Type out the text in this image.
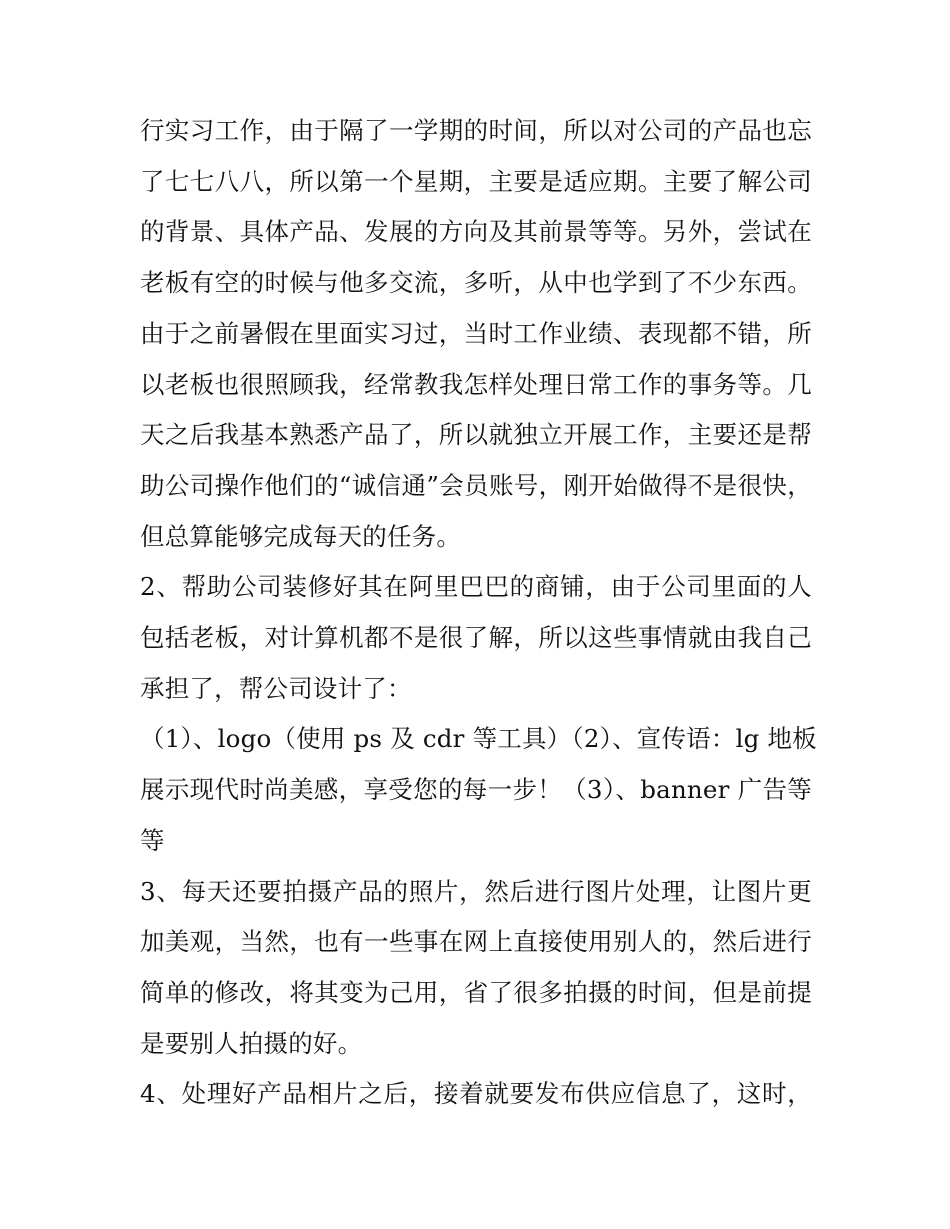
行实习工作，由于隔了一学期的时间，所以对公司的产品也忘
了七七八八，所以第一个星期，主要是适应期。主要了解公司
的背景、具体产品、发展的方向及其前景等等。另外，尝试在
老板有空的时候与他多交流，多听，从中也学到了不少东西。
由于之前暑假在里面实习过，当时工作业绩、表现都不错，所
以老板也很照顾我，经常教我怎样处理日常工作的事务等。几
天之后我基本熟悉产品了，所以就独立开展工作，主要还是帮
助公司操作他们的“诚信通”会员账号，刚开始做得不是很快，
但总算能够完成每天的任务。
2、帮助公司装修好其在阿里巴巴的商铺，由于公司里面的人
包括老板，对计算机都不是很了解，所以这些事情就由我自己
承担了，帮公司设计了：
（1）、logo（使用 ps 及 cdr 等工具）（2）、宣传语：lg 地板
展示现代时尚美感，享受您的每一步！（3）、banner 广告等
等
3、每天还要拍摄产品的照片，然后进行图片处理，让图片更
加美观，当然，也有一些事在网上直接使用别人的，然后进行
简单的修改，将其变为己用，省了很多拍摄的时间，但是前提
是要别人拍摄的好。
4、处理好产品相片之后，接着就要发布供应信息了，这时，
